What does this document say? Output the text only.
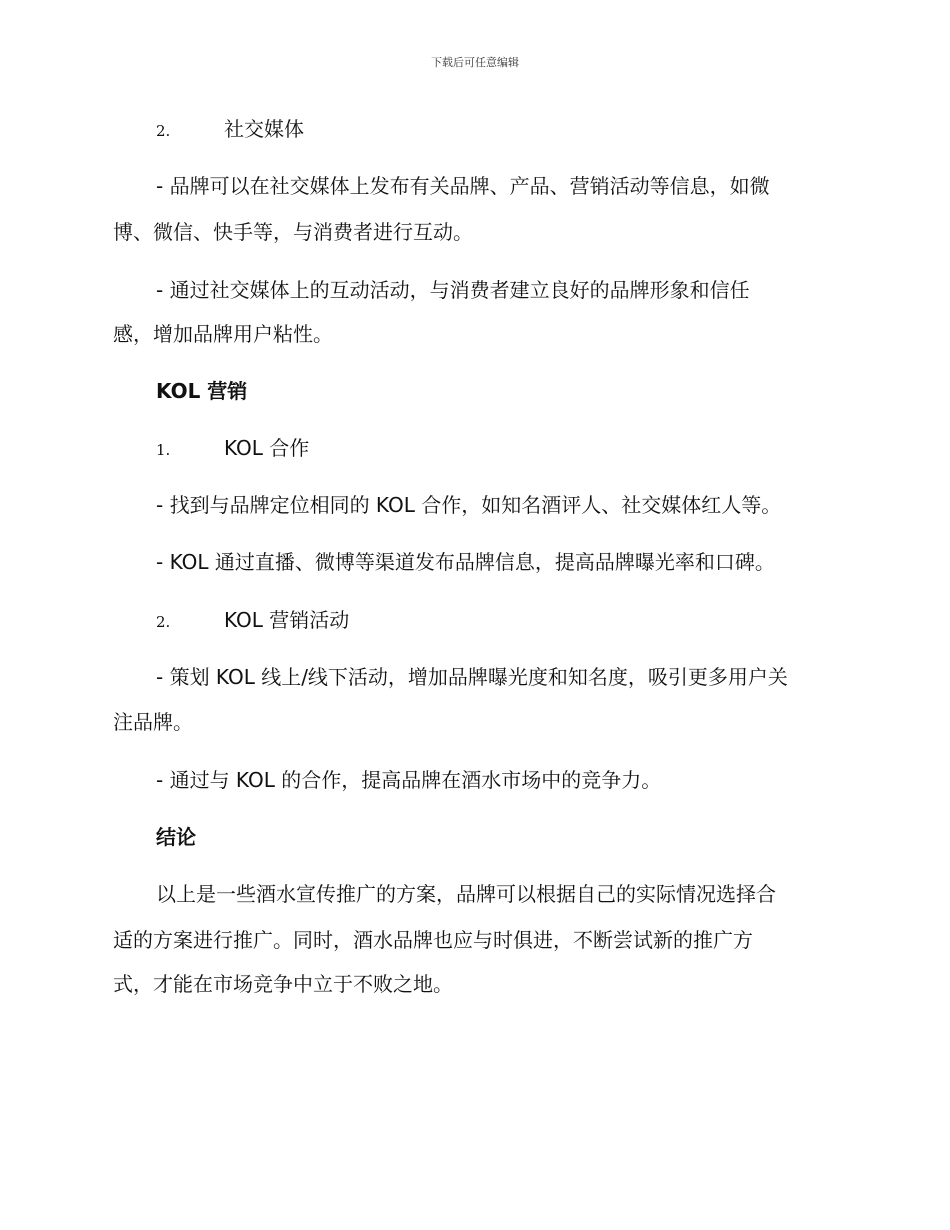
下载后可任意编辑
2.	社交媒体
- 品牌可以在社交媒体上发布有关品牌、产品、营销活动等信息，如微
博、微信、快手等，与消费者进行互动。
- 通过社交媒体上的互动活动，与消费者建立良好的品牌形象和信任
感，增加品牌用户粘性。
KOL 营销
1.	KOL 合作
- 找到与品牌定位相同的 KOL 合作，如知名酒评人、社交媒体红人等。
- KOL 通过直播、微博等渠道发布品牌信息，提高品牌曝光率和口碑。
2.	KOL 营销活动
- 策划 KOL 线上/线下活动，增加品牌曝光度和知名度，吸引更多用户关
注品牌。
- 通过与 KOL 的合作，提高品牌在酒水市场中的竞争力。
结论
以上是一些酒水宣传推广的方案，品牌可以根据自己的实际情况选择合
适的方案进行推广。同时，酒水品牌也应与时俱进，不断尝试新的推广方
式，才能在市场竞争中立于不败之地。
